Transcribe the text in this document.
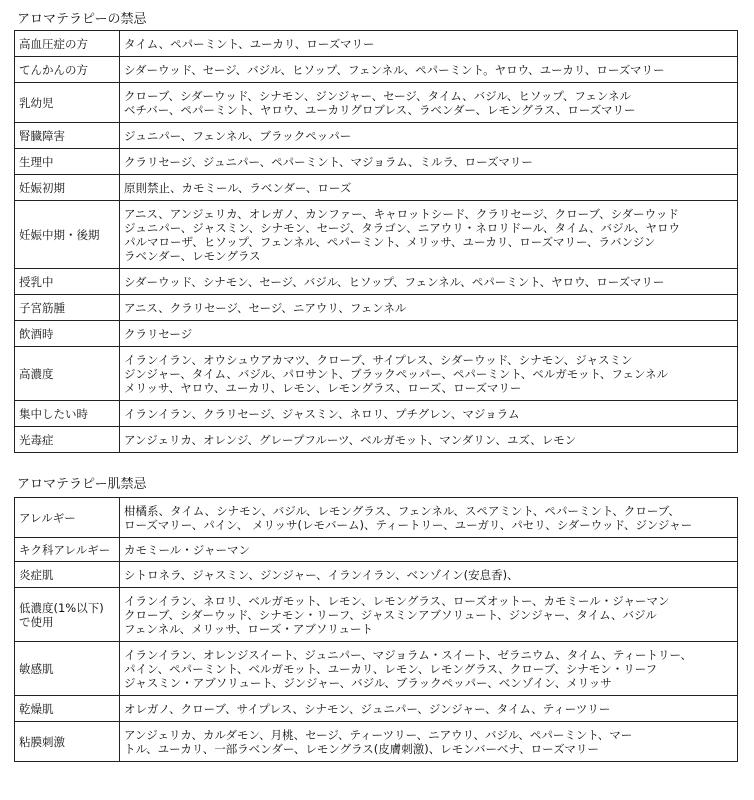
アロマテラピーの禁忌
高血圧症の方	タイム、ペパーミント、ユーカリ、ローズマリー
てんかんの方	シダーウッド、セージ、バジル、ヒソップ、フェンネル、ペパーミント。ヤロウ、ユーカリ、ローズマリー
乳幼児	クローブ、シダーウッド、シナモン、ジンジャー、セージ、タイム、バジル、ヒソップ、フェンネル
ベチバー、ペパーミント、ヤロウ、ユーカリグロブレス、ラベンダー、レモングラス、ローズマリー
腎臓障害	ジュニパー、フェンネル、ブラックペッパー
生理中	クラリセージ、ジュニパー、ペパーミント、マジョラム、ミルラ、ローズマリー
妊娠初期	原則禁止、カモミール、ラベンダー、ローズ
妊娠中期・後期	アニス、アンジェリカ、オレガノ、カンファー、キャロットシード、クラリセージ、クローブ、シダーウッド
ジュニパー、ジャスミン、シナモン、セージ、タラゴン、ニアウリ・ネロリドール、タイム、バジル、ヤロウ
パルマローザ、ヒソップ、フェンネル、ペパーミント、メリッサ、ユーカリ、ローズマリー、ラバンジン
ラベンダー、レモングラス
授乳中	シダーウッド、シナモン、セージ、バジル、ヒソップ、フェンネル、ペパーミント、ヤロウ、ローズマリー
子宮筋腫	アニス、クラリセージ、セージ、ニアウリ、フェンネル
飲酒時	クラリセージ
高濃度	イランイラン、オウシュウアカマツ、クローブ、サイプレス、シダーウッド、シナモン、ジャスミン
ジンジャー、タイム、バジル、パロサント、ブラックペッパー、ペパーミント、ベルガモット、フェンネル
メリッサ、ヤロウ、ユーカリ、レモン、レモングラス、ローズ、ローズマリー
集中したい時	イランイラン、クラリセージ、ジャスミン、ネロリ、プチグレン、マジョラム
光毒症	アンジェリカ、オレンジ、グレープフルーツ、ベルガモット、マンダリン、ユズ、レモン
アロマテラピー肌禁忌
アレルギー	柑橘系、タイム、シナモン、バジル、レモングラス、フェンネル、スペアミント、ペパーミント、クローブ、
ローズマリー、パイン、 メリッサ(レモバーム)、ティートリー、ユーガリ、パセリ、シダーウッド、ジンジャー
キク科アレルギー	カモミール・ジャーマン
炎症肌	シトロネラ、ジャスミン、ジンジャー、イランイラン、ベンゾイン(安息香)、
低濃度(1%以下)
で使用	イランイラン、ネロリ、ベルガモット、レモン、レモングラス、ローズオットー、カモミール・ジャーマン
クローブ、シダーウッド、シナモン・リーフ、ジャスミンアブソリュート、ジンジャー、タイム、バジル
フェンネル、メリッサ、ローズ・アブソリュート
敏感肌	イランイラン、オレンジスイート、ジュニパー、マジョラム・スイート、ゼラニウム、タイム、ティートリー、
パイン、ペパーミント、ベルガモット、ユーカリ、レモン、レモングラス、クローブ、シナモン・リーフ
ジャスミン・アブソリュート、ジンジャー、バジル、ブラックペッパー、ベンゾイン、メリッサ
乾燥肌	オレガノ、クローブ、サイプレス、シナモン、ジュニパー、ジンジャー、タイム、ティーツリー
粘膜刺激	アンジェリカ、カルダモン、月桃、セージ、ティーツリー、ニアウリ、バジル、ペパーミント、マー
トル、ユーカリ、一部ラベンダー、レモングラス(皮膚刺激)、レモンバーベナ、ローズマリー
